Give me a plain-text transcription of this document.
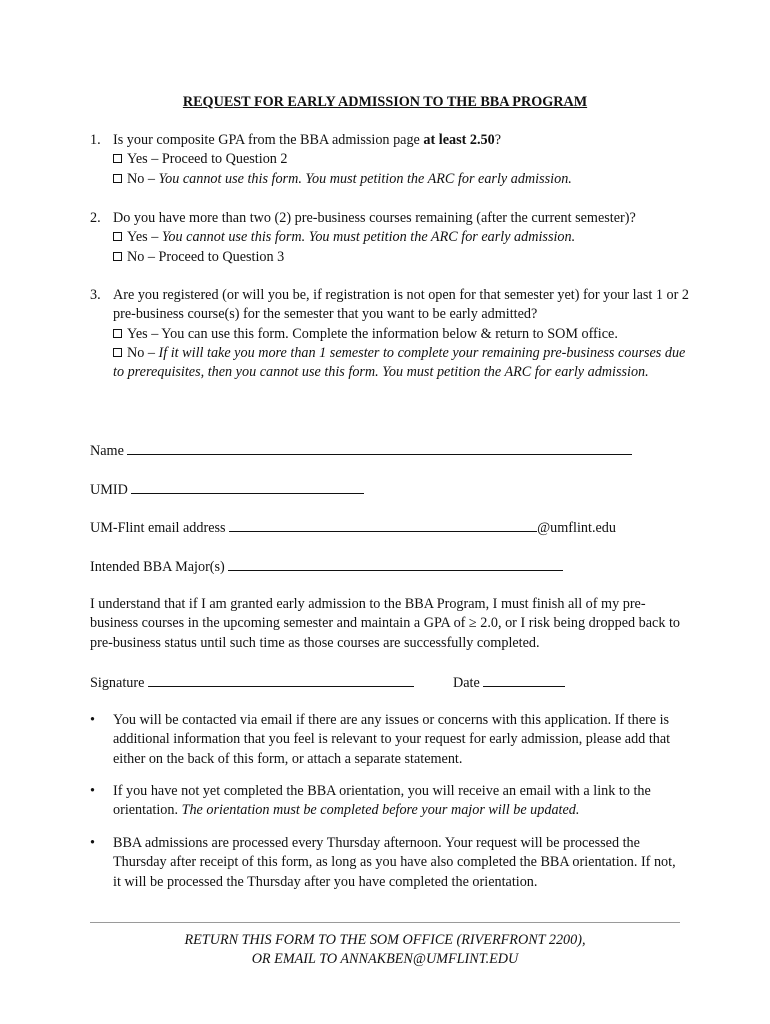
REQUEST FOR EARLY ADMISSION TO THE BBA PROGRAM
1. Is your composite GPA from the BBA admission page at least 2.50?
Yes – Proceed to Question 2
No – You cannot use this form. You must petition the ARC for early admission.
2. Do you have more than two (2) pre-business courses remaining (after the current semester)?
Yes – You cannot use this form. You must petition the ARC for early admission.
No – Proceed to Question 3
3. Are you registered (or will you be, if registration is not open for that semester yet) for your last 1 or 2 pre-business course(s) for the semester that you want to be early admitted?
Yes – You can use this form. Complete the information below & return to SOM office.
No – If it will take you more than 1 semester to complete your remaining pre-business courses due to prerequisites, then you cannot use this form. You must petition the ARC for early admission.
Name
UMID
UM-Flint email address	@umflint.edu
Intended BBA Major(s)
I understand that if I am granted early admission to the BBA Program, I must finish all of my pre-business courses in the upcoming semester and maintain a GPA of ≥ 2.0, or I risk being dropped back to pre-business status until such time as those courses are successfully completed.
Signature	Date
• You will be contacted via email if there are any issues or concerns with this application. If there is additional information that you feel is relevant to your request for early admission, please add that either on the back of this form, or attach a separate statement.
• If you have not yet completed the BBA orientation, you will receive an email with a link to the orientation. The orientation must be completed before your major will be updated.
• BBA admissions are processed every Thursday afternoon. Your request will be processed the Thursday after receipt of this form, as long as you have also completed the BBA orientation. If not, it will be processed the Thursday after you have completed the orientation.
RETURN THIS FORM TO THE SOM OFFICE (RIVERFRONT 2200),
OR EMAIL TO ANNAKBEN@UMFLINT.EDU
